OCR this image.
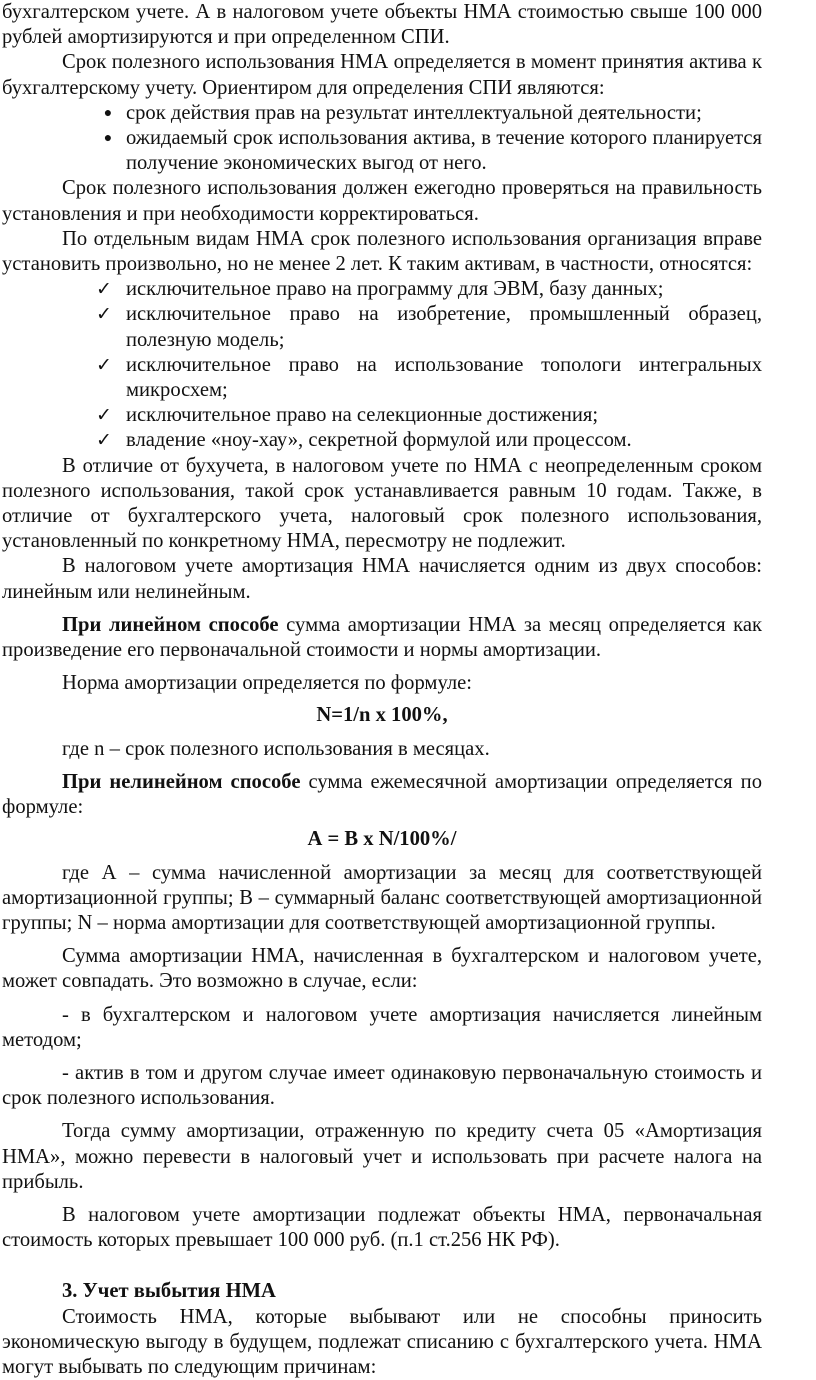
бухгалтерском учете. А в налоговом учете объекты НМА стоимостью свыше 100 000 рублей амортизируются и при определенном СПИ.

Срок полезного использования НМА определяется в момент принятия актива к бухгалтерскому учету. Ориентиром для определения СПИ являются:

● срок действия прав на результат интеллектуальной деятельности;
● ожидаемый срок использования актива, в течение которого планируется получение экономических выгод от него.

Срок полезного использования должен ежегодно проверяться на правильность установления и при необходимости корректироваться.

По отдельным видам НМА срок полезного использования организация вправе установить произвольно, но не менее 2 лет. К таким активам, в частности, относятся:

✓ исключительное право на программу для ЭВМ, базу данных;
✓ исключительное право на изобретение, промышленный образец, полезную модель;
✓ исключительное право на использование топологи интегральных микросхем;
✓ исключительное право на селекционные достижения;
✓ владение «ноу-хау», секретной формулой или процессом.

В отличие от бухучета, в налоговом учете по НМА с неопределенным сроком полезного использования, такой срок устанавливается равным 10 годам. Также, в отличие от бухгалтерского учета, налоговый срок полезного использования, установленный по конкретному НМА, пересмотру не подлежит.

В налоговом учете амортизация НМА начисляется одним из двух способов: линейным или нелинейным.

При линейном способе сумма амортизации НМА за месяц определяется как произведение его первоначальной стоимости и нормы амортизации.

Норма амортизации определяется по формуле:

N=1/n х 100%,

где n – срок полезного использования в месяцах.

При нелинейном способе сумма ежемесячной амортизации определяется по формуле:

А = B х N/100%/

где А – сумма начисленной амортизации за месяц для соответствующей амортизационной группы; В – суммарный баланс соответствующей амортизационной группы; N – норма амортизации для соответствующей амортизационной группы.

Сумма амортизации НМА, начисленная в бухгалтерском и налоговом учете, может совпадать. Это возможно в случае, если:

- в бухгалтерском и налоговом учете амортизация начисляется линейным методом;

- актив в том и другом случае имеет одинаковую первоначальную стоимость и срок полезного использования.

Тогда сумму амортизации, отраженную по кредиту счета 05 «Амортизация НМА», можно перевести в налоговый учет и использовать при расчете налога на прибыль.

В налоговом учете амортизации подлежат объекты НМА, первоначальная стоимость которых превышает 100 000 руб. (п.1 ст.256 НК РФ).

3. Учет выбытия НМА

Стоимость НМА, которые выбывают или не способны приносить экономическую выгоду в будущем, подлежат списанию с бухгалтерского учета. НМА могут выбывать по следующим причинам:
